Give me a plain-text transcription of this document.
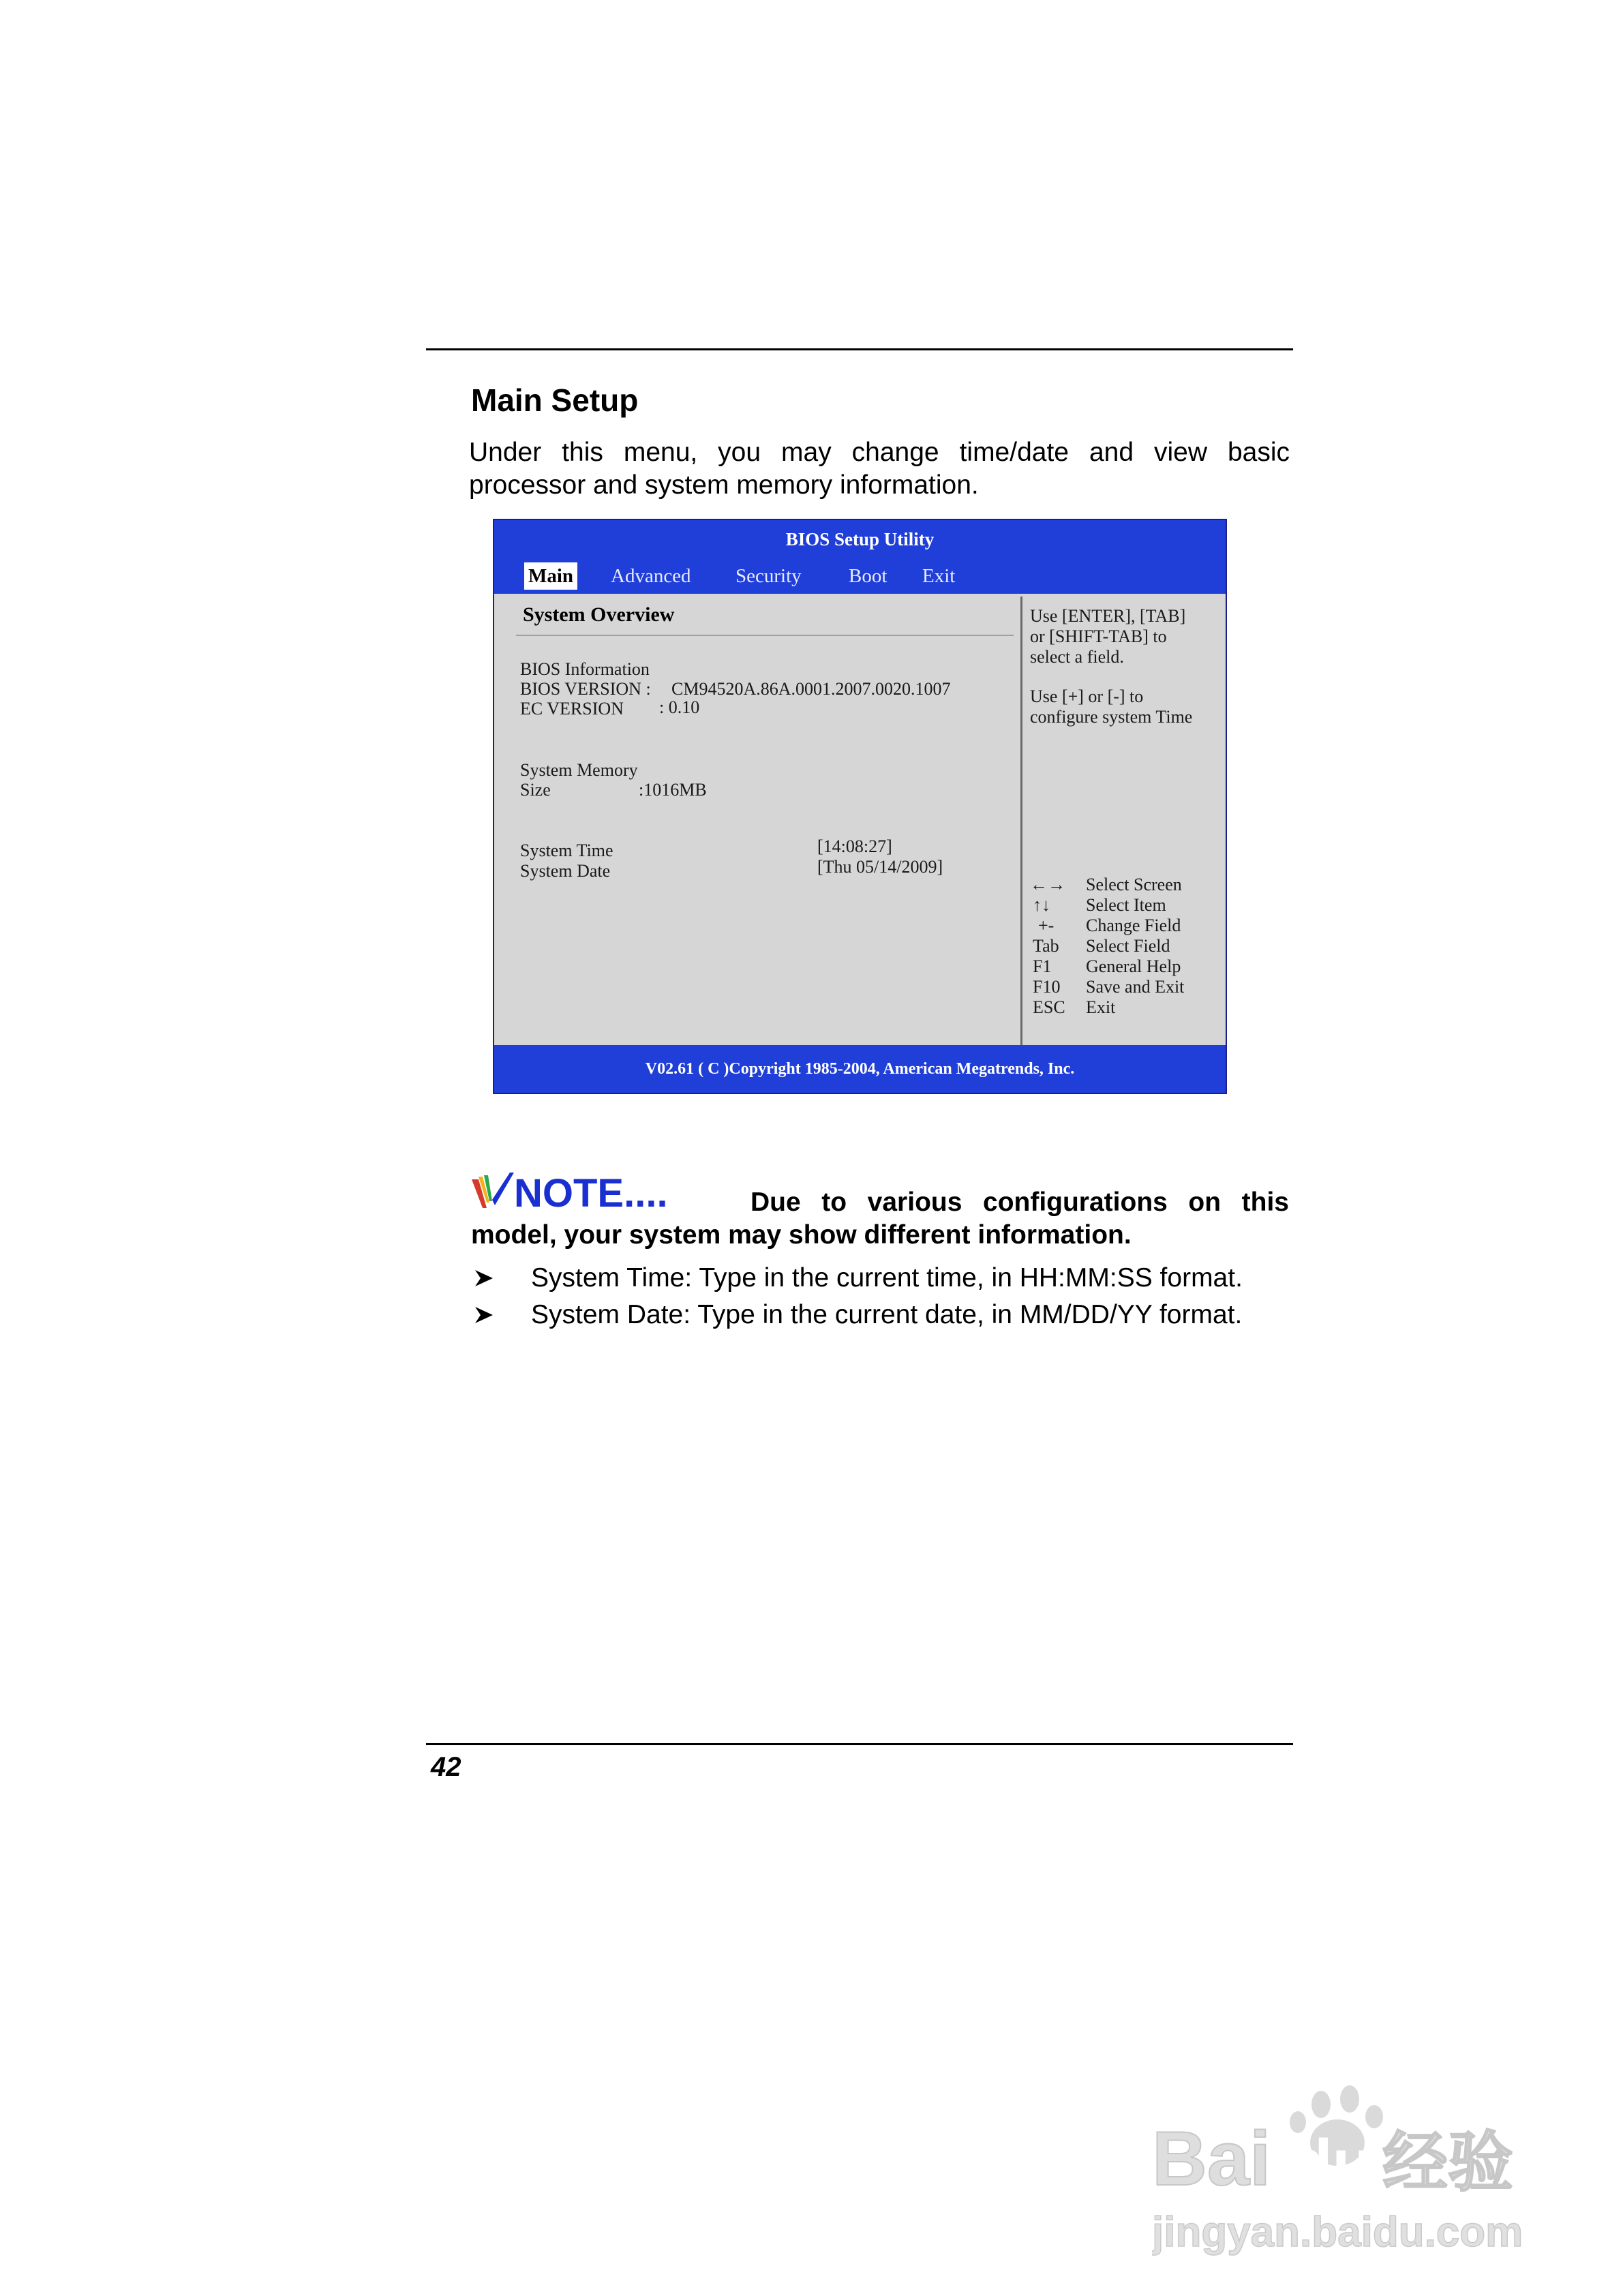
Main Setup
Under this menu, you may change time/date and view basic processor and system memory information.
BIOS Setup Utility
Main Advanced Security Boot Exit
System Overview
BIOS Information
BIOS VERSION : CM94520A.86A.0001.2007.0020.1007
EC VERSION : 0.10
System Memory
Size	:1016MB
System Time	[14:08:27]
System Date	[Thu 05/14/2009]
Use [ENTER], [TAB]
or [SHIFT-TAB] to
select a field.
Use [+] or [-] to
configure system Time
←→ Select Screen
↑↓ Select Item
+- Change Field
Tab Select Field
F1 General Help
F10 Save and Exit
ESC Exit
V02.61 ( C )Copyright 1985-2004, American Megatrends, Inc.
NOTE....	Due to various configurations on this model, your system may show different information.
System Time: Type in the current time, in HH:MM:SS format.
System Date: Type in the current date, in MM/DD/YY format.
42
Bai du 经验
jingyan.baidu.com
